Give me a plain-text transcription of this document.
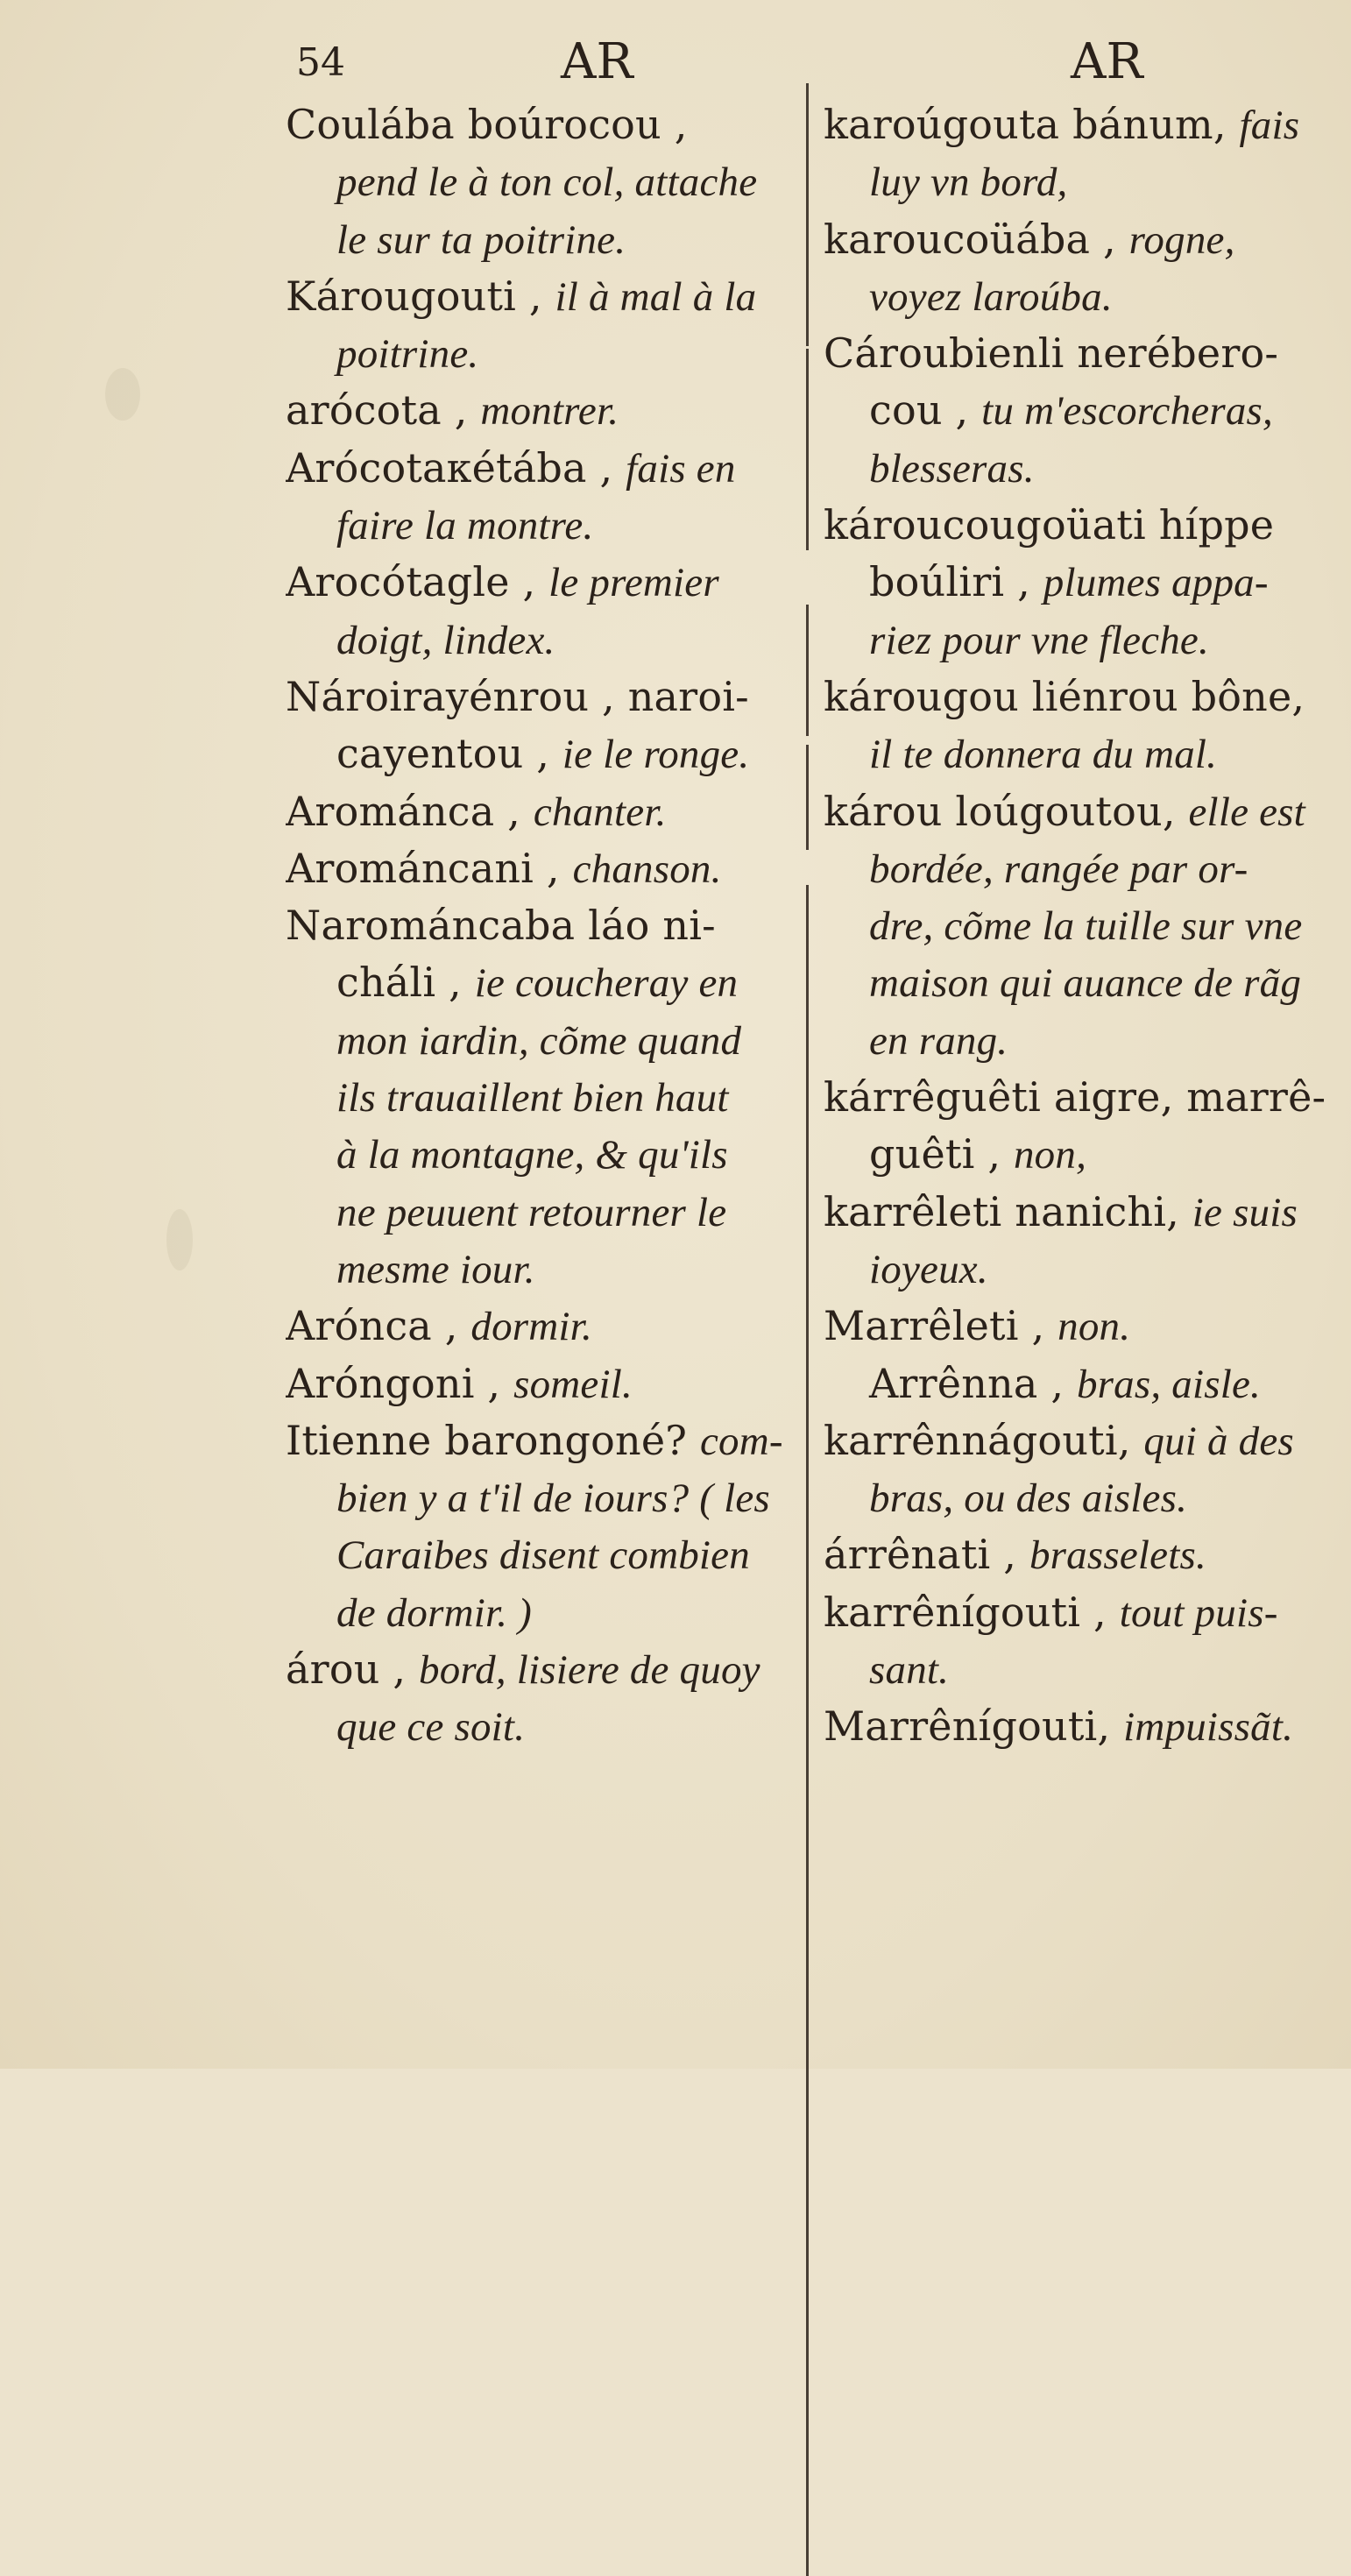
54	AR	AR
Coulába boúrocou ,
pend le à ton col, attache
le sur ta poitrine.
Károugouti , il à mal à la
poitrine.
arócota , montrer.
Arócotaкétába , fais en
faire la montre.
Arocótagle , le premier
doigt, lindex.
Nároirayénrou , naroi-
cayentou , ie le ronge.
Arománca , chanter.
Arománcani , chanson.
Narománcaba láo ni-
cháli , ie coucheray en
mon iardin, cõme quand
ils trauaillent bien haut
à la montagne, & qu'ils
ne peuuent retourner le
mesme iour.
Arónca , dormir.
Aróngoni , someil.
Itienne barongoné? com-
bien y a t'il de iours? ( les
Caraibes disent combien
de dormir. )
árou , bord, lisiere de quoy
que ce soit.
karoúgouta bánum, fais
luy vn bord,
karoucoüába , rogne,
voyez laroúba.
Cároubienli nerébero-
cou , tu m'escorcheras,
blesseras.
károucougoüati híppe
boúliri , plumes appa-
riez pour vne fleche.
károugou liénrou bône,
il te donnera du mal.
károu loúgoutou, elle est
bordée, rangée par or-
dre, cõme la tuille sur vne
maison qui auance de rãg
en rang.
kárrêguêti aigre, marrê-
guêti , non,
karrêleti nanichi, ie suis
ioyeux.
Marrêleti , non.
Arrênna , bras, aisle.
karrênnágouti, qui à des
bras, ou des aisles.
árrênati , brasselets.
karrênígouti , tout puis-
sant.
Marrênígouti, impuissãt.
